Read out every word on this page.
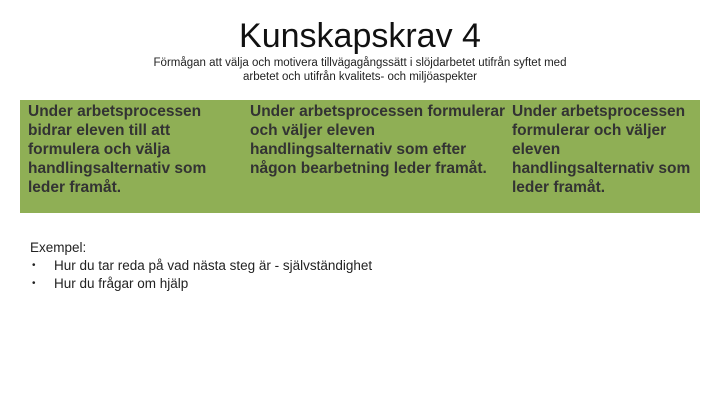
Kunskapskrav 4
Förmågan att välja och motivera tillvägagångssätt i slöjdarbetet utifrån syftet med arbetet och utifrån kvalitets- och miljöaspekter
Under arbetsprocessen bidrar eleven till att formulera och välja handlingsalternativ som leder framåt.
Under arbetsprocessen formulerar och väljer eleven handlingsalternativ som efter någon bearbetning leder framåt.
Under arbetsprocessen formulerar och väljer eleven handlingsalternativ som leder framåt.
Exempel:
• Hur du tar reda på vad nästa steg är - självständighet
• Hur du frågar om hjälp
